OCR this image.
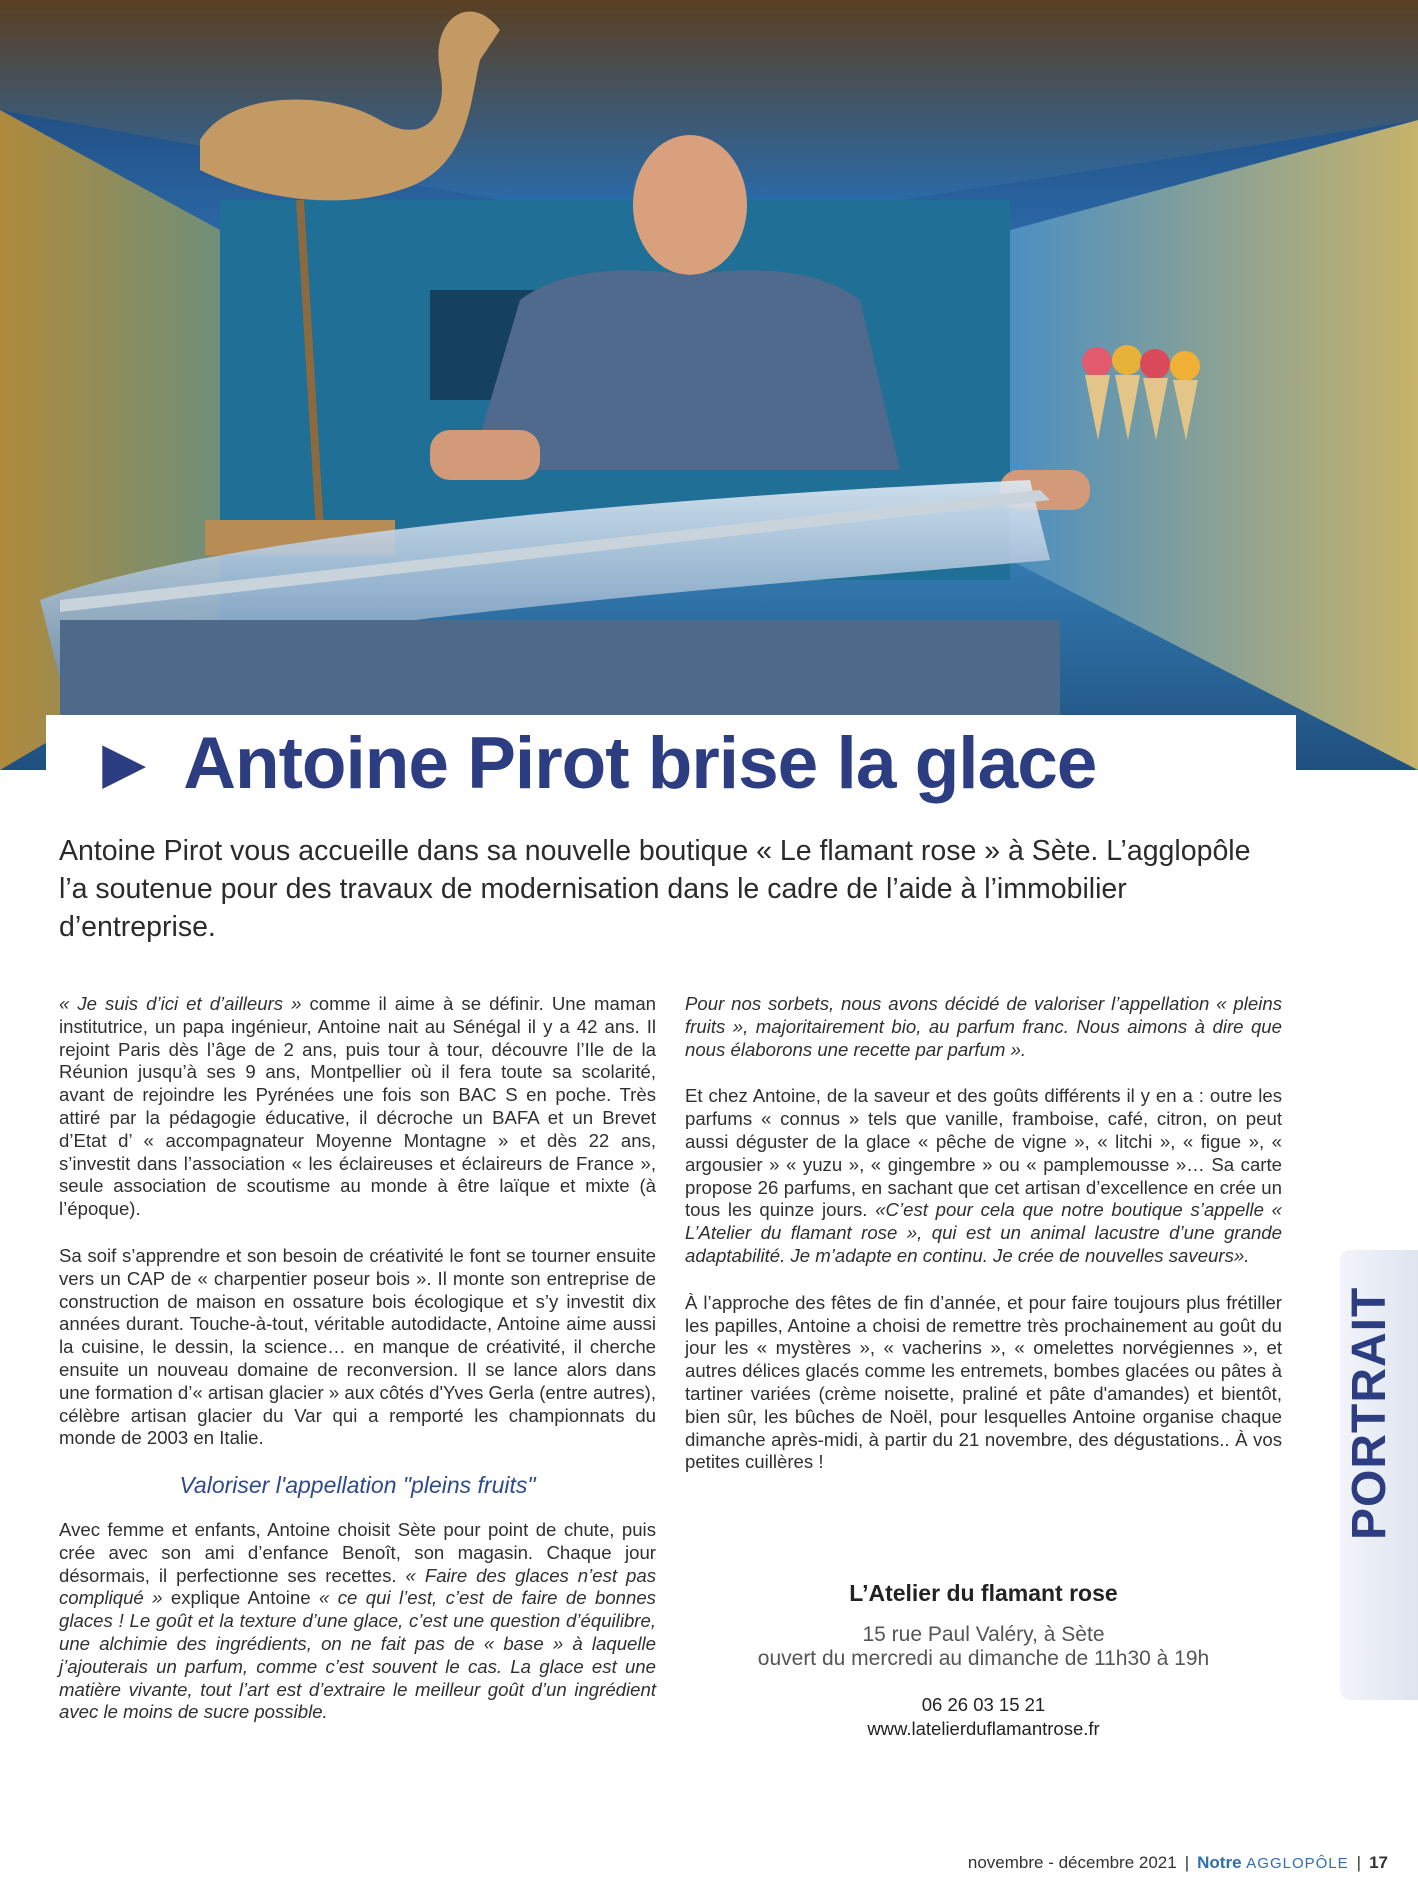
► Antoine Pirot brise la glace
Antoine Pirot vous accueille dans sa nouvelle boutique « Le flamant rose » à Sète. L’agglopôle l’a soutenue pour des travaux de modernisation dans le cadre de l’aide à l’immobilier d’entreprise.

« Je suis d’ici et d’ailleurs » comme il aime à se définir. Une maman institutrice, un papa ingénieur, Antoine nait au Sénégal il y a 42 ans. Il rejoint Paris dès l’âge de 2 ans, puis tour à tour, découvre l’Ile de la Réunion jusqu’à ses 9 ans, Montpellier où il fera toute sa scolarité, avant de rejoindre les Pyrénées une fois son BAC S en poche. Très attiré par la pédagogie éducative, il décroche un BAFA et un Brevet d’Etat d’ « accompagnateur Moyenne Montagne » et dès 22 ans, s’investit dans l’association « les éclaireuses et éclaireurs de France », seule association de scoutisme au monde à être laïque et mixte (à l’époque).

Sa soif s’apprendre et son besoin de créativité le font se tourner ensuite vers un CAP de « charpentier poseur bois ». Il monte son entreprise de construction de maison en ossature bois écologique et s’y investit dix années durant. Touche-à-tout, véritable autodidacte, Antoine aime aussi la cuisine, le dessin, la science… en manque de créativité, il cherche ensuite un nouveau domaine de reconversion. Il se lance alors dans une formation d’« artisan glacier » aux côtés d'Yves Gerla (entre autres), célèbre artisan glacier du Var qui a remporté les championnats du monde de 2003 en Italie.

Valoriser l'appellation "pleins fruits"

Avec femme et enfants, Antoine choisit Sète pour point de chute, puis crée avec son ami d’enfance Benoît, son magasin. Chaque jour désormais, il perfectionne ses recettes. « Faire des glaces n’est pas compliqué » explique Antoine « ce qui l’est, c’est de faire de bonnes glaces ! Le goût et la texture d’une glace, c’est une question d’équilibre, une alchimie des ingrédients, on ne fait pas de « base » à laquelle j’ajouterais un parfum, comme c’est souvent le cas. La glace est une matière vivante, tout l’art est d’extraire le meilleur goût d’un ingrédient avec le moins de sucre possible.

Pour nos sorbets, nous avons décidé de valoriser l’appellation « pleins fruits », majoritairement bio, au parfum franc. Nous aimons à dire que nous élaborons une recette par parfum ».

Et chez Antoine, de la saveur et des goûts différents il y en a : outre les parfums « connus » tels que vanille, framboise, café, citron, on peut aussi déguster de la glace « pêche de vigne », « litchi », « figue », « argousier » « yuzu », « gingembre » ou « pamplemousse »… Sa carte propose 26 parfums, en sachant que cet artisan d’excellence en crée un tous les quinze jours. «C’est pour cela que notre boutique s’appelle « L’Atelier du flamant rose », qui est un animal lacustre d’une grande adaptabilité. Je m’adapte en continu. Je crée de nouvelles saveurs».

À l’approche des fêtes de fin d’année, et pour faire toujours plus frétiller les papilles, Antoine a choisi de remettre très prochainement au goût du jour les « mystères », « vacherins », « omelettes norvégiennes », et autres délices glacés comme les entremets, bombes glacées ou pâtes à tartiner variées (crème noisette, praliné et pâte d'amandes) et bientôt, bien sûr, les bûches de Noël, pour lesquelles Antoine organise chaque dimanche après-midi, à partir du 21 novembre, des dégustations.. À vos petites cuillères !

L’Atelier du flamant rose
15 rue Paul Valéry, à Sète
ouvert du mercredi au dimanche de 11h30 à 19h
06 26 03 15 21
www.latelierduflamantrose.fr
PORTRAIT
novembre - décembre 2021 | Notre AGGLOPÔLE | 17
